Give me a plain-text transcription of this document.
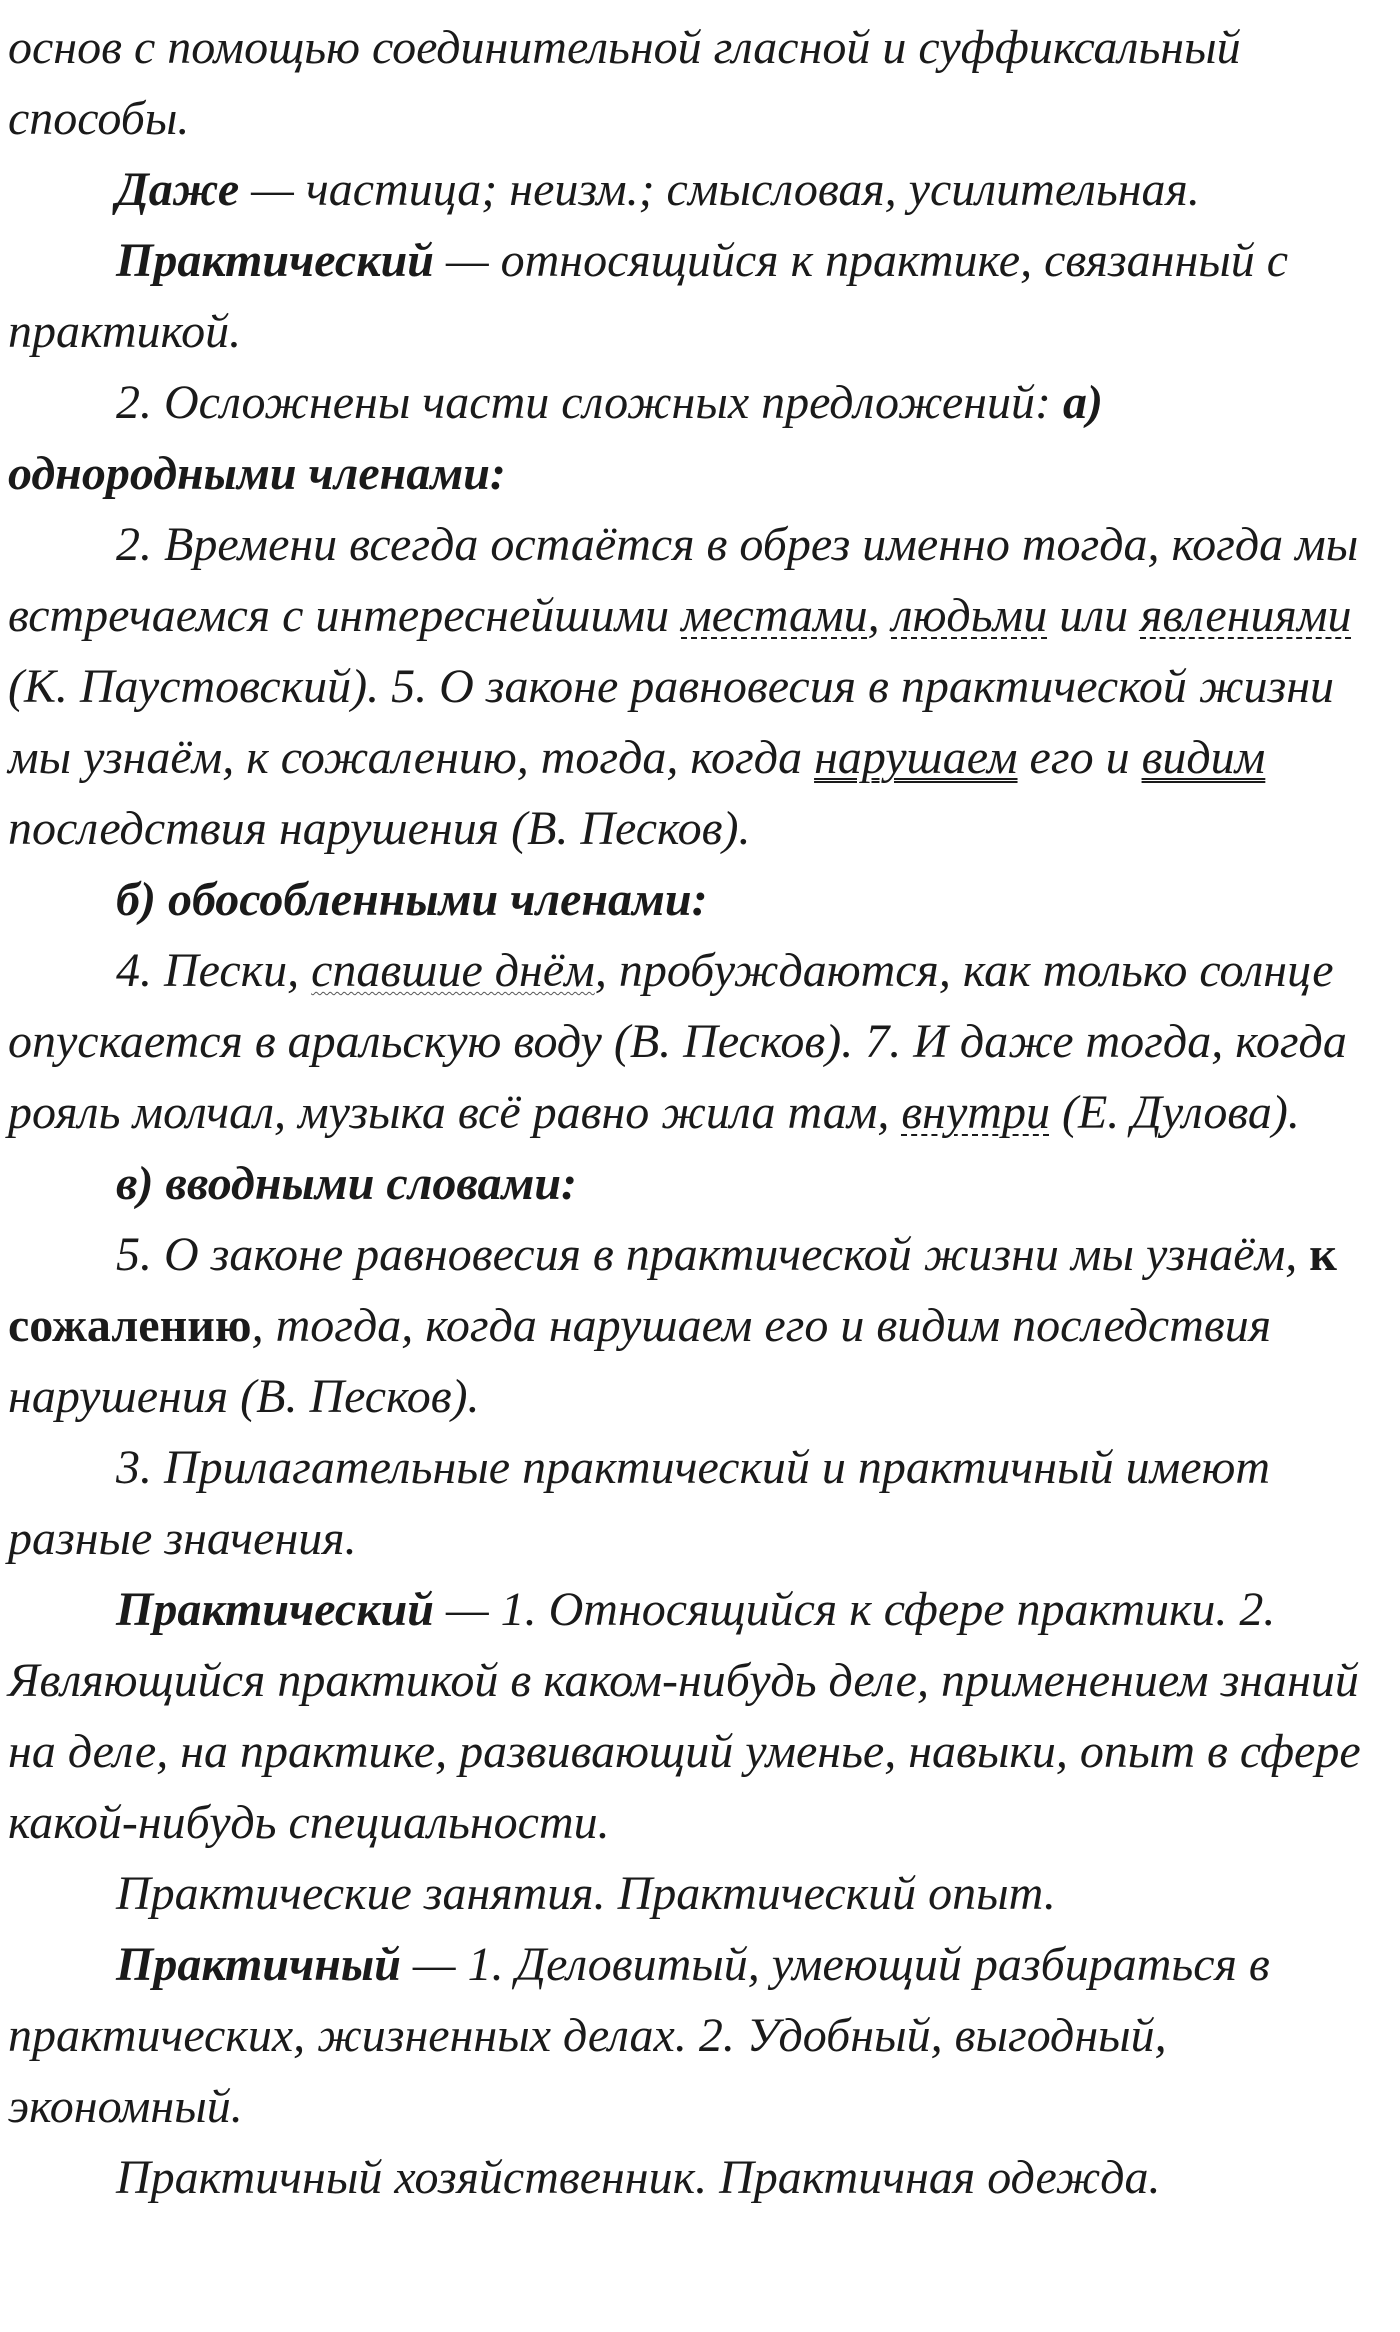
основ с помощью соединительной гласной и суффиксальный способы.

Даже — частица; неизм.; смысловая, усилительная.

Практический — относящийся к практике, связанный с практикой.

2. Осложнены части сложных предложений: а) однородными членами:

2. Времени всегда остаётся в обрез именно тогда, когда мы встречаемся с интереснейшими местами, людьми или явлениями (К. Паустовский). 5. О законе равновесия в практической жизни мы узнаём, к сожалению, тогда, когда нарушаем его и видим последствия нарушения (В. Песков).

б) обособленными членами:

4. Пески, спавшие днём, пробуждаются, как только солнце опускается в аральскую воду (В. Песков). 7. И даже тогда, когда рояль молчал, музыка всё равно жила там, внутри (Е. Дулова).

в) вводными словами:

5. О законе равновесия в практической жизни мы узнаём, к сожалению, тогда, когда нарушаем его и видим последствия нарушения (В. Песков).

3. Прилагательные практический и практичный имеют разные значения.

Практический — 1. Относящийся к сфере практики. 2. Являющийся практикой в каком-нибудь деле, применением знаний на деле, на практике, развивающий уменье, навыки, опыт в сфере какой-нибудь специальности.

Практические занятия. Практический опыт.

Практичный — 1. Деловитый, умеющий разбираться в практических, жизненных делах. 2. Удобный, выгодный, экономный.

Практичный хозяйственник. Практичная одежда.
